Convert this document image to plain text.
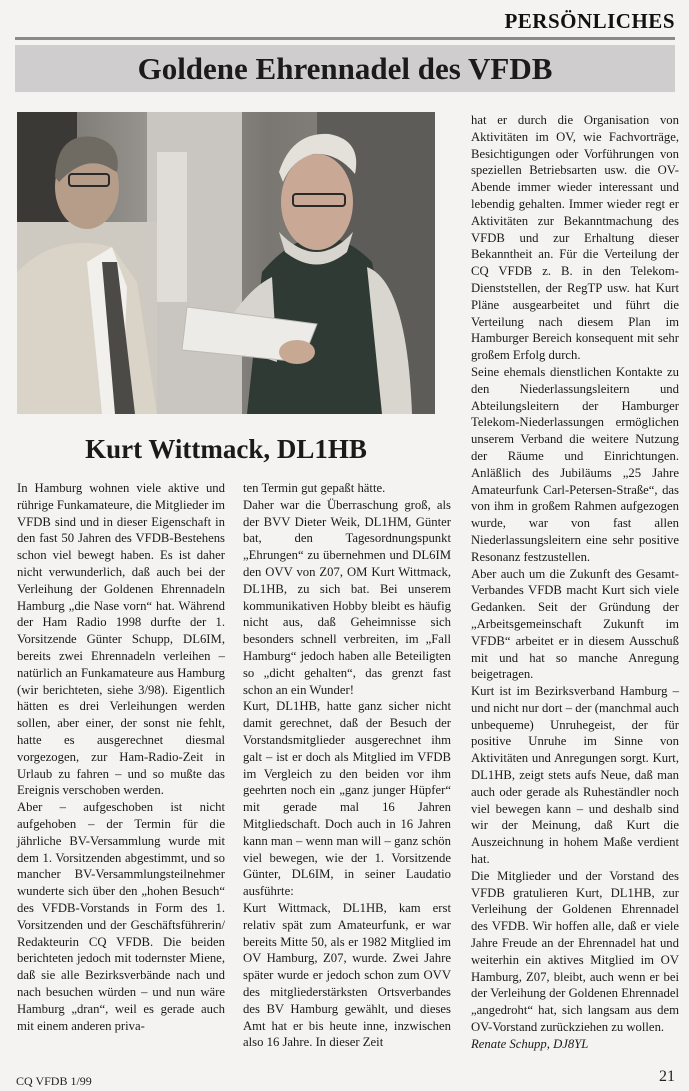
PERSÖNLICHES
Goldene Ehrennadel des VFDB
Kurt Wittmack, DL1HB

In Hamburg wohnen viele aktive und rührige Funkamateure, die Mitglieder im VFDB sind und in dieser Eigenschaft in den fast 50 Jahren des VFDB-Bestehens schon viel bewegt haben. Es ist daher nicht verwunderlich, daß auch bei der Verleihung der Goldenen Ehrennadeln Hamburg „die Nase vorn“ hat. Während der Ham Radio 1998 durfte der 1. Vorsitzende Günter Schupp, DL6IM, bereits zwei Ehrennadeln verleihen – natürlich an Funkamateure aus Hamburg (wir berichteten, siehe 3/98). Eigentlich hätten es drei Verleihungen werden sollen, aber einer, der sonst nie fehlt, hatte es ausgerechnet diesmal vorgezogen, zur Ham-Radio-Zeit in Urlaub zu fahren – und so mußte das Ereignis verschoben werden.

Aber – aufgeschoben ist nicht aufgehoben – der Termin für die jährliche BV-Versammlung wurde mit dem 1. Vorsitzenden abgestimmt, und so mancher BV-Versammlungsteilnehmer wunderte sich über den „hohen Besuch“ des VFDB-Vorstands in Form des 1. Vorsitzenden und der Geschäftsführerin/ Redakteurin CQ VFDB. Die beiden berichteten jedoch mit todernster Miene, daß sie alle Bezirksverbände nach und nach besuchen würden – und nun wäre Hamburg „dran“, weil es gerade auch mit einem anderen priva-

ten Termin gut gepaßt hätte.

Daher war die Überraschung groß, als der BVV Dieter Weik, DL1HM, Günter bat, den Tagesordnungspunkt „Ehrungen“ zu übernehmen und DL6IM den OVV von Z07, OM Kurt Wittmack, DL1HB, zu sich bat. Bei unserem kommunikativen Hobby bleibt es häufig nicht aus, daß Geheimnisse sich besonders schnell verbreiten, im „Fall Hamburg“ jedoch haben alle Beteiligten so „dicht gehalten“, das grenzt fast schon an ein Wunder!

Kurt, DL1HB, hatte ganz sicher nicht damit gerechnet, daß der Besuch der Vorstandsmitglieder ausgerechnet ihm galt – ist er doch als Mitglied im VFDB im Vergleich zu den beiden vor ihm geehrten noch ein „ganz junger Hüpfer“ mit gerade mal 16 Jahren Mitgliedschaft. Doch auch in 16 Jahren kann man – wenn man will – ganz schön viel bewegen, wie der 1. Vorsitzende Günter, DL6IM, in seiner Laudatio ausführte:

Kurt Wittmack, DL1HB, kam erst relativ spät zum Amateurfunk, er war bereits Mitte 50, als er 1982 Mitglied im OV Hamburg, Z07, wurde. Zwei Jahre später wurde er jedoch schon zum OVV des mitgliederstärksten Ortsverbandes des BV Hamburg gewählt, und dieses Amt hat er bis heute inne, inzwischen also 16 Jahre. In dieser Zeit

hat er durch die Organisation von Aktivitäten im OV, wie Fachvorträge, Besichtigungen oder Vorführungen von speziellen Betriebsarten usw. die OV-Abende immer wieder interessant und lebendig gehalten. Immer wieder regt er Aktivitäten zur Bekanntmachung des VFDB und zur Erhaltung dieser Bekanntheit an. Für die Verteilung der CQ VFDB z. B. in den Telekom-Dienststellen, der RegTP usw. hat Kurt Pläne ausgearbeitet und führt die Verteilung nach diesem Plan im Hamburger Bereich konsequent mit sehr großem Erfolg durch.

Seine ehemals dienstlichen Kontakte zu den Niederlassungsleitern und Abteilungsleitern der Hamburger Telekom-Niederlassungen ermöglichen unserem Verband die weitere Nutzung der Räume und Einrichtungen. Anläßlich des Jubiläums „25 Jahre Amateurfunk Carl-Petersen-Straße“, das von ihm in großem Rahmen aufgezogen wurde, war von fast allen Niederlassungsleitern eine sehr positive Resonanz festzustellen.

Aber auch um die Zukunft des Gesamt-Verbandes VFDB macht Kurt sich viele Gedanken. Seit der Gründung der „Arbeitsgemeinschaft Zukunft im VFDB“ arbeitet er in diesem Ausschuß mit und hat so manche Anregung beigetragen.

Kurt ist im Bezirksverband Hamburg – und nicht nur dort – der (manchmal auch unbequeme) Unruhegeist, der für positive Unruhe im Sinne von Aktivitäten und Anregungen sorgt. Kurt, DL1HB, zeigt stets aufs Neue, daß man auch oder gerade als Ruheständler noch viel bewegen kann – und deshalb sind wir der Meinung, daß Kurt die Auszeichnung in hohem Maße verdient hat.

Die Mitglieder und der Vorstand des VFDB gratulieren Kurt, DL1HB, zur Verleihung der Goldenen Ehrennadel des VFDB. Wir hoffen alle, daß er viele Jahre Freude an der Ehrennadel hat und weiterhin ein aktives Mitglied im OV Hamburg, Z07, bleibt, auch wenn er bei der Verleihung der Goldenen Ehrennadel „angedroht“ hat, sich langsam aus dem OV-Vorstand zurückziehen zu wollen.

Renate Schupp, DJ8YL

CQ VFDB 1/99	21
